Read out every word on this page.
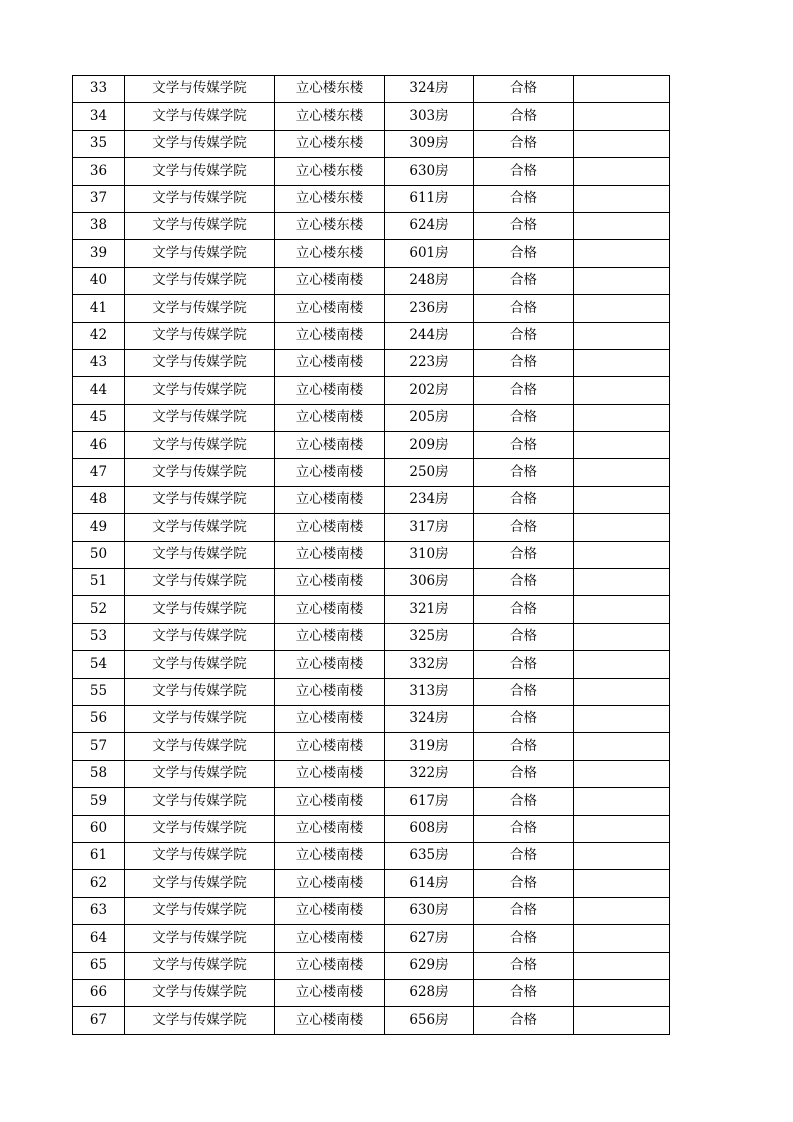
33	文学与传媒学院	立心楼东楼	324房	合格	
34	文学与传媒学院	立心楼东楼	303房	合格	
35	文学与传媒学院	立心楼东楼	309房	合格	
36	文学与传媒学院	立心楼东楼	630房	合格	
37	文学与传媒学院	立心楼东楼	611房	合格	
38	文学与传媒学院	立心楼东楼	624房	合格	
39	文学与传媒学院	立心楼东楼	601房	合格	
40	文学与传媒学院	立心楼南楼	248房	合格	
41	文学与传媒学院	立心楼南楼	236房	合格	
42	文学与传媒学院	立心楼南楼	244房	合格	
43	文学与传媒学院	立心楼南楼	223房	合格	
44	文学与传媒学院	立心楼南楼	202房	合格	
45	文学与传媒学院	立心楼南楼	205房	合格	
46	文学与传媒学院	立心楼南楼	209房	合格	
47	文学与传媒学院	立心楼南楼	250房	合格	
48	文学与传媒学院	立心楼南楼	234房	合格	
49	文学与传媒学院	立心楼南楼	317房	合格	
50	文学与传媒学院	立心楼南楼	310房	合格	
51	文学与传媒学院	立心楼南楼	306房	合格	
52	文学与传媒学院	立心楼南楼	321房	合格	
53	文学与传媒学院	立心楼南楼	325房	合格	
54	文学与传媒学院	立心楼南楼	332房	合格	
55	文学与传媒学院	立心楼南楼	313房	合格	
56	文学与传媒学院	立心楼南楼	324房	合格	
57	文学与传媒学院	立心楼南楼	319房	合格	
58	文学与传媒学院	立心楼南楼	322房	合格	
59	文学与传媒学院	立心楼南楼	617房	合格	
60	文学与传媒学院	立心楼南楼	608房	合格	
61	文学与传媒学院	立心楼南楼	635房	合格	
62	文学与传媒学院	立心楼南楼	614房	合格	
63	文学与传媒学院	立心楼南楼	630房	合格	
64	文学与传媒学院	立心楼南楼	627房	合格	
65	文学与传媒学院	立心楼南楼	629房	合格	
66	文学与传媒学院	立心楼南楼	628房	合格	
67	文学与传媒学院	立心楼南楼	656房	合格	
